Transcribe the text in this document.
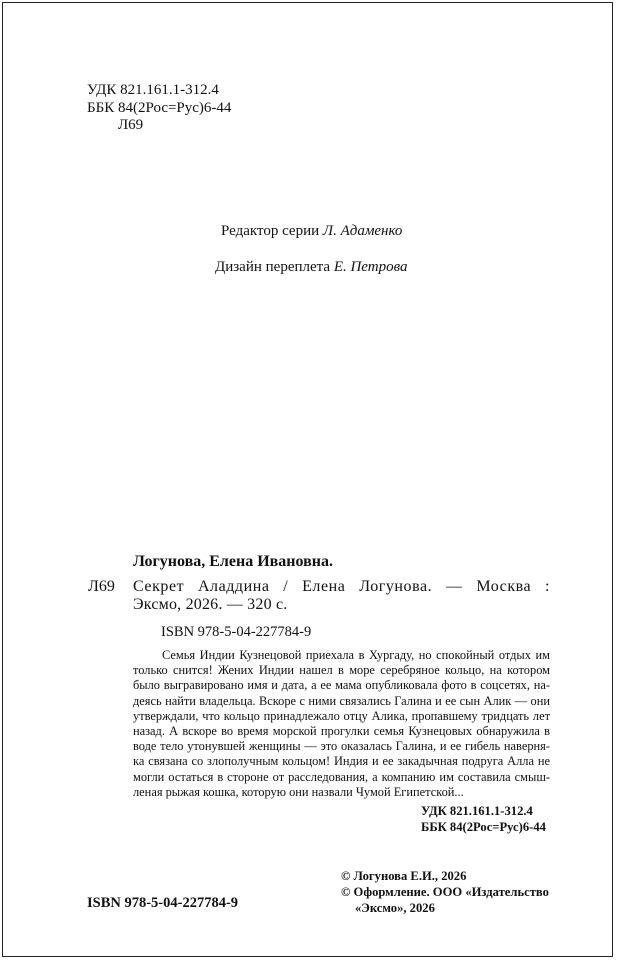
УДК 821.161.1-312.4
ББК 84(2Рос=Рус)6-44
Л69
Редактор серии Л. Адаменко
Дизайн переплета Е. Петрова
Логунова, Елена Ивановна.
Л69 Секрет Аладдина / Елена Логунова. — Москва :
Эксмо, 2026. — 320 с.
ISBN 978-5-04-227784-9

Семья Индии Кузнецовой приехала в Хургаду, но спокойный отдых им только снится! Жених Индии нашел в море серебряное кольцо, на котором было выгравировано имя и дата, а ее мама опубликовала фото в соцсетях, надеясь найти владельца. Вскоре с ними связались Галина и ее сын Алик — они утверждали, что кольцо принадлежало отцу Алика, пропавшему тридцать лет назад. А вскоре во время морской прогулки семья Кузнецовых обнаружила в воде тело утонувшей женщины — это оказалась Галина, и ее гибель наверняка связана со злополучным кольцом! Индия и ее закадычная подруга Алла не могли остаться в стороне от расследования, а компанию им составила смышленая рыжая кошка, которую они назвали Чумой Египетской...

УДК 821.161.1-312.4
ББК 84(2Рос=Рус)6-44
© Логунова Е.И., 2026
© Оформление. ООО «Издательство
«Эксмо», 2026
ISBN 978-5-04-227784-9
